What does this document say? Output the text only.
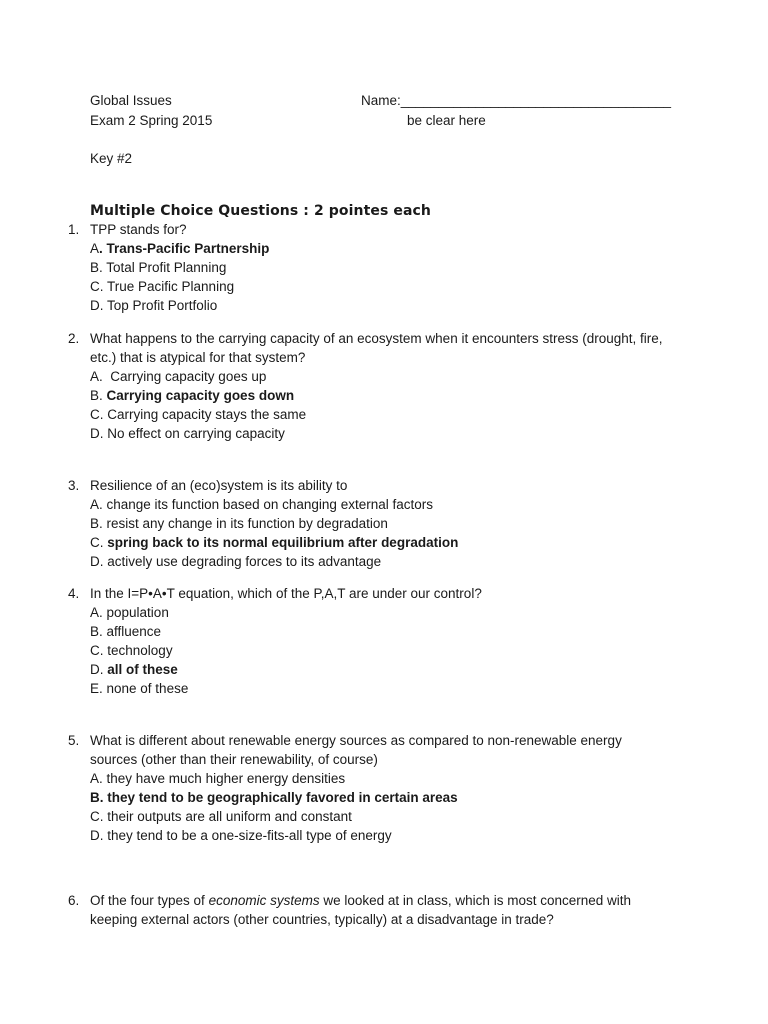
Global Issues
Exam 2 Spring 2015
Name:____________________________________
be clear here
Key #2
Multiple Choice Questions : 2 pointes each
1. TPP stands for?
A. Trans-Pacific Partnership
B. Total Profit Planning
C. True Pacific Planning
D. Top Profit Portfolio
2. What happens to the carrying capacity of an ecosystem when it encounters stress (drought, fire,
etc.) that is atypical for that system?
A.  Carrying capacity goes up
B. Carrying capacity goes down
C. Carrying capacity stays the same
D. No effect on carrying capacity
3. Resilience of an (eco)system is its ability to
A. change its function based on changing external factors
B. resist any change in its function by degradation
C. spring back to its normal equilibrium after degradation
D. actively use degrading forces to its advantage
4. In the I=P•A•T equation, which of the P,A,T are under our control?
A. population
B. affluence
C. technology
D. all of these
E. none of these
5. What is different about renewable energy sources as compared to non-renewable energy
sources (other than their renewability, of course)
A. they have much higher energy densities
B. they tend to be geographically favored in certain areas
C. their outputs are all uniform and constant
D. they tend to be a one-size-fits-all type of energy
6. Of the four types of economic systems we looked at in class, which is most concerned with
keeping external actors (other countries, typically) at a disadvantage in trade?
